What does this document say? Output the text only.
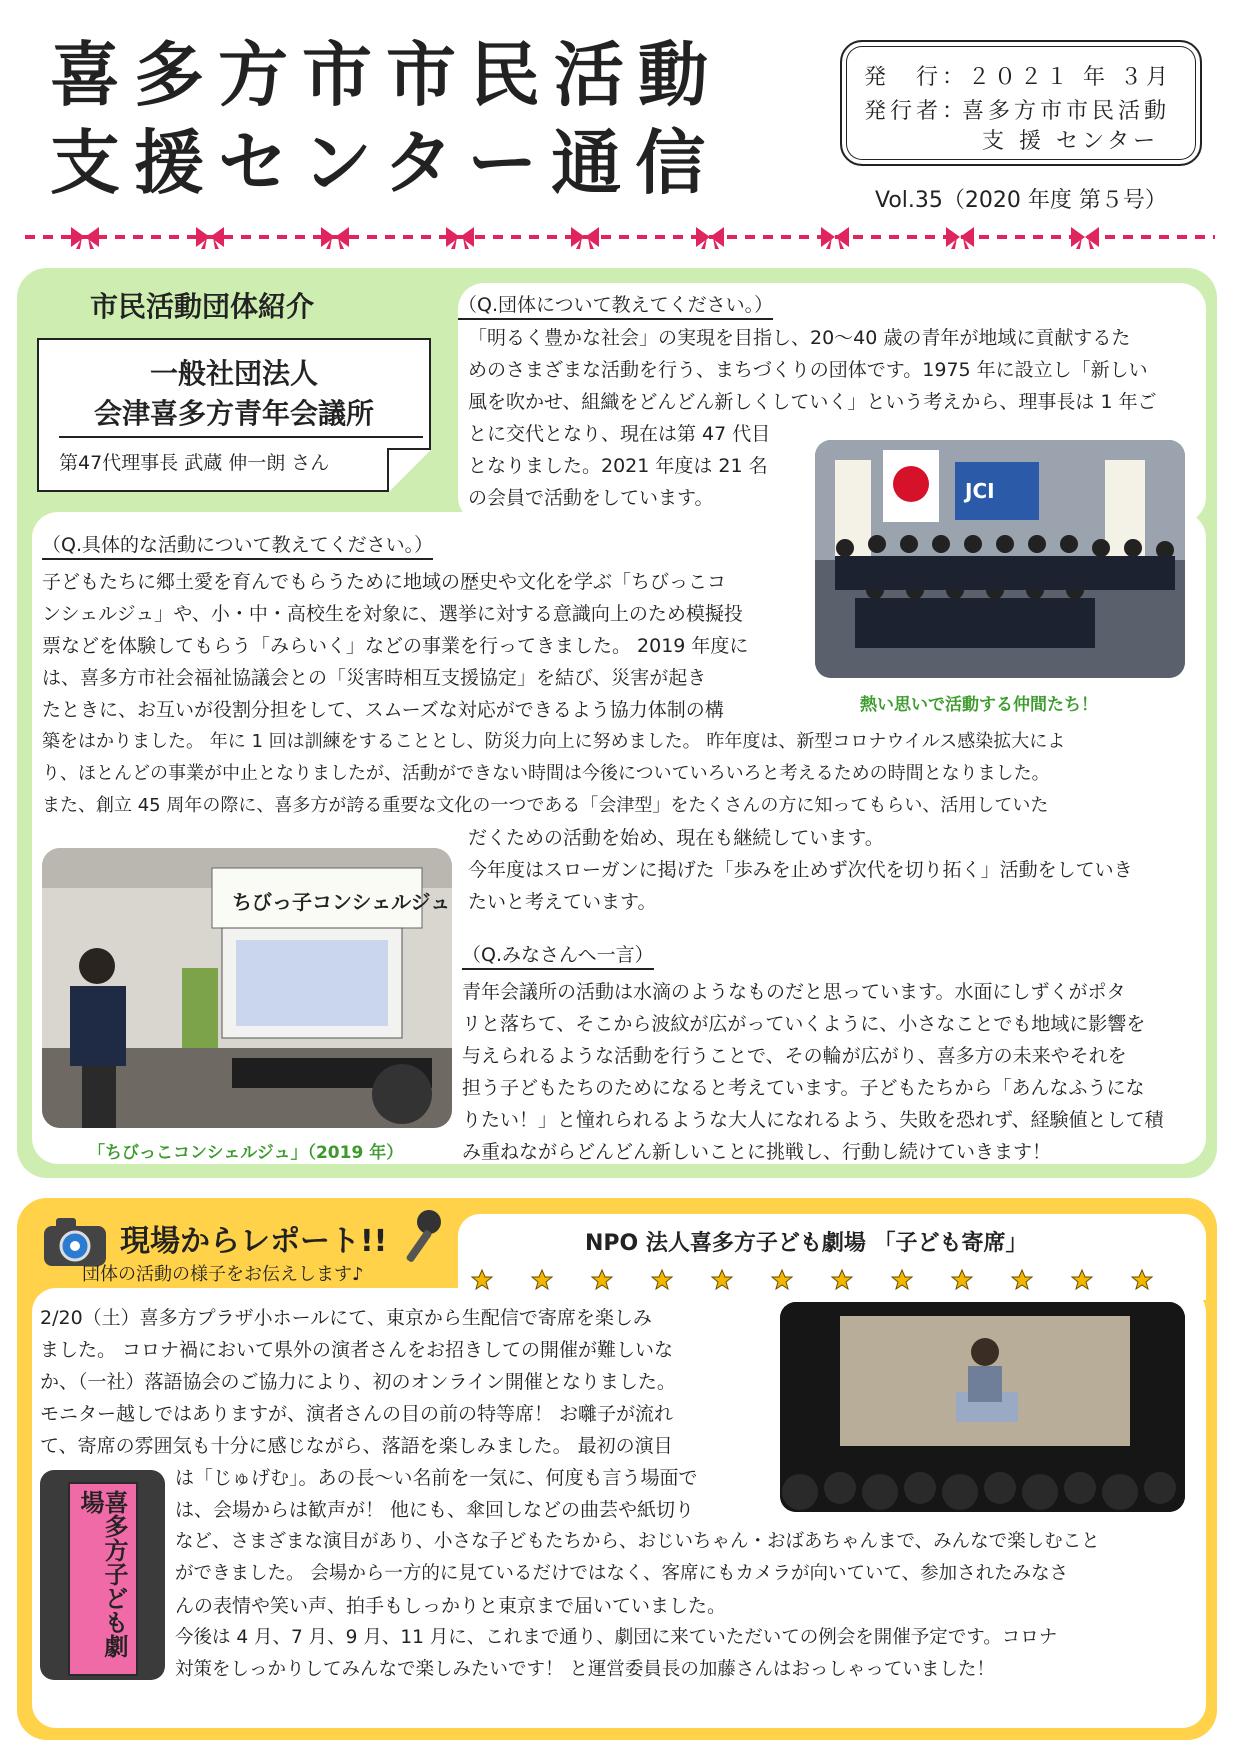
喜多方市市民活動
支援センター通信
発　行：２０２１ 年 ３月
発行者：
喜多方市市民活動
支 援 センター
Vol.35（2020 年度 第５号）
市民活動団体紹介
一般社団法人
会津喜多方青年会議所
第47代理事長 武蔵 伸一朗 さん
（Q.団体について教えてください。）
「明るく豊かな社会」の実現を目指し、20～40 歳の青年が地域に貢献するた
めのさまざまな活動を行う、まちづくりの団体です。1975 年に設立し「新しい
風を吹かせ、組織をどんどん新しくしていく」という考えから、理事長は 1 年ご
とに交代となり、現在は第 47 代目
となりました。2021 年度は 21 名
の会員で活動をしています。	JCI
熱い思いで活動する仲間たち！
（Q.具体的な活動について教えてください。）
子どもたちに郷土愛を育んでもらうために地域の歴史や文化を学ぶ「ちびっこコ
ンシェルジュ」や、小・中・高校生を対象に、選挙に対する意識向上のため模擬投
票などを体験してもらう「みらいく」などの事業を行ってきました。 2019 年度に
は、喜多方市社会福祉協議会との「災害時相互支援協定」を結び、災害が起き
たときに、お互いが役割分担をして、スムーズな対応ができるよう協力体制の構
築をはかりました。 年に 1 回は訓練をすることとし、防災力向上に努めました。 昨年度は、新型コロナウイルス感染拡大によ
り、ほとんどの事業が中止となりましたが、活動ができない時間は今後についていろいろと考えるための時間となりました。
また、創立 45 周年の際に、喜多方が誇る重要な文化の一つである「会津型」をたくさんの方に知ってもらい、活用していた
だくための活動を始め、現在も継続しています。
今年度はスローガンに掲げた「歩みを止めず次代を切り拓く」活動をしていき
たいと考えています。
ちびっ子コンシェルジュ
「ちびっこコンシェルジュ」（2019 年）
（Q.みなさんへ一言）
青年会議所の活動は水滴のようなものだと思っています。水面にしずくがポタ
リと落ちて、そこから波紋が広がっていくように、小さなことでも地域に影響を
与えられるような活動を行うことで、その輪が広がり、喜多方の未来やそれを
担う子どもたちのためになると考えています。子どもたちから「あんなふうにな
りたい！」と憧れられるような大人になれるよう、失敗を恐れず、経験値として積
み重ねながらどんどん新しいことに挑戦し、行動し続けていきます！
現場からレポート!!
団体の活動の様子をお伝えします♪
NPO 法人喜多方子ども劇場 「子ども寄席」
2/20（土）喜多方プラザ小ホールにて、東京から生配信で寄席を楽しみ
ました。 コロナ禍において県外の演者さんをお招きしての開催が難しいな
か、（一社）落語協会のご協力により、初のオンライン開催となりました。
モニター越しではありますが、演者さんの目の前の特等席！ お囃子が流れ
て、寄席の雰囲気も十分に感じながら、落語を楽しみました。 最初の演目
は「じゅげむ」。あの長～い名前を一気に、何度も言う場面で
は、会場からは歓声が！ 他にも、傘回しなどの曲芸や紙切り
など、さまざまな演目があり、小さな子どもたちから、おじいちゃん・おばあちゃんまで、みんなで楽しむこと
ができました。 会場から一方的に見ているだけではなく、客席にもカメラが向いていて、参加されたみなさ
んの表情や笑い声、拍手もしっかりと東京まで届いていました。
今後は 4 月、7 月、9 月、11 月に、これまで通り、劇団に来ていただいての例会を開催予定です。コロナ
対策をしっかりしてみんなで楽しみたいです！ と運営委員長の加藤さんはおっしゃっていました！
喜多方子ども劇場
